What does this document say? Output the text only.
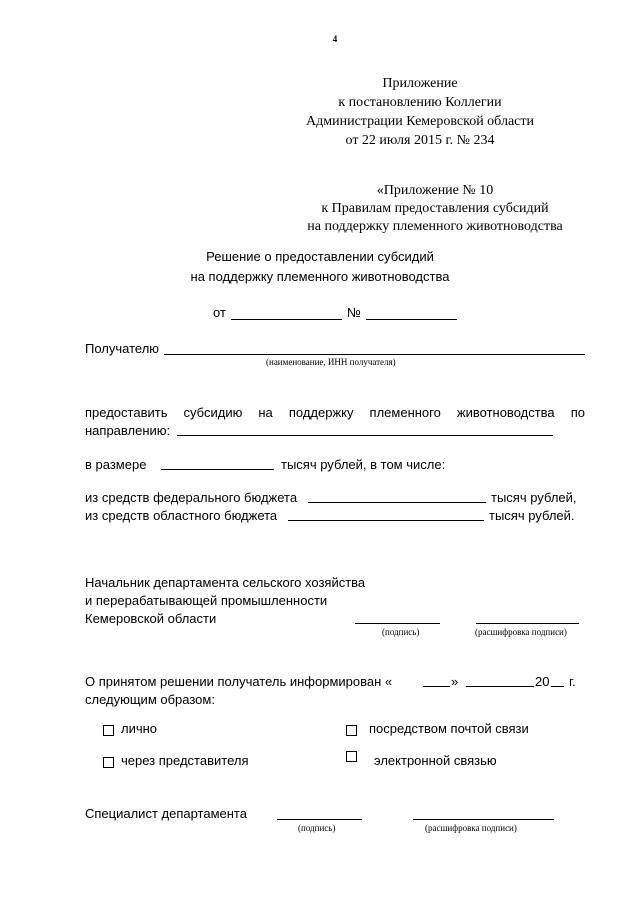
4
Приложение
к постановлению Коллегии
Администрации Кемеровской области
от 22 июля 2015 г. № 234
«Приложение № 10
к Правилам предоставления субсидий
на поддержку племенного животноводства
Решение о предоставлении субсидий
на поддержку племенного животноводства
от	№
Получателю
(наименование, ИНН получателя)
предоставить субсидию на поддержку племенного животноводства по
направлению:
в размере	тысяч рублей, в том числе:
из средств федерального бюджета	тысяч рублей,
из средств областного бюджета	тысяч рублей.
Начальник департамента сельского хозяйства
и перерабатывающей промышленности
Кемеровской области
(подпись)	(расшифровка подписи)
О принятом решении получатель информирован «	»	20 г.
следующим образом:
лично	посредством почтой связи
через представителя	электронной связью
Специалист департамента
(подпись)	(расшифровка подписи)
